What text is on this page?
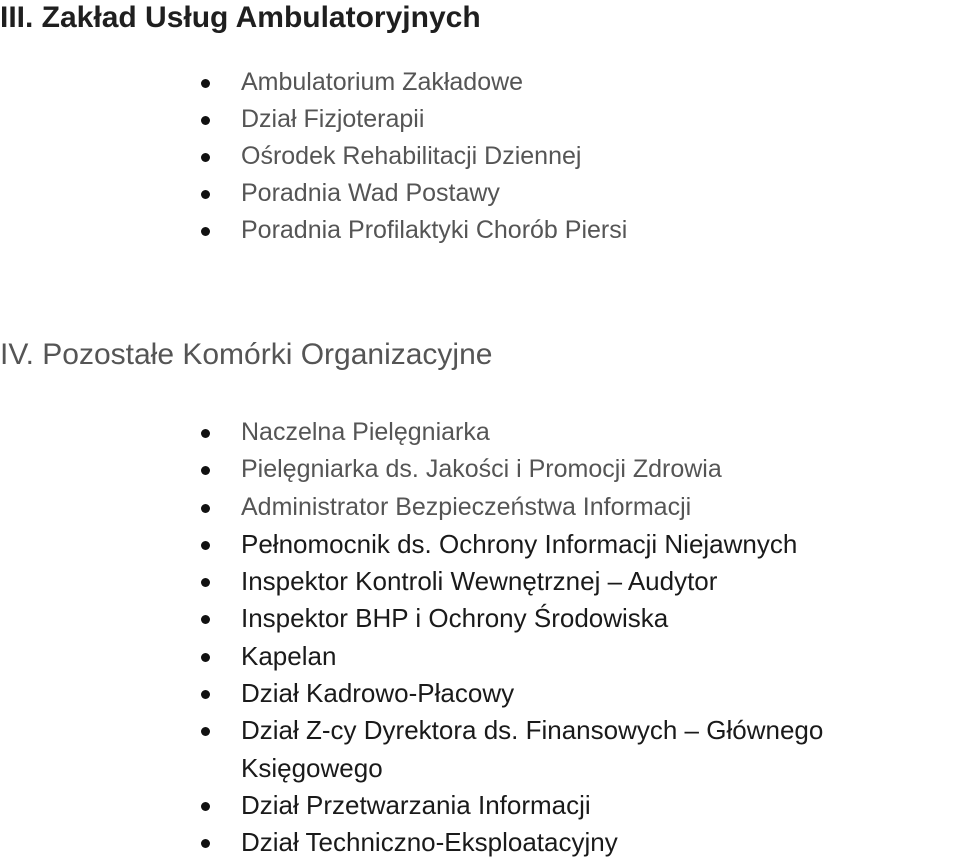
III. Zakład Usług Ambulatoryjnych
Ambulatorium Zakładowe
Dział Fizjoterapii
Ośrodek Rehabilitacji Dziennej
Poradnia Wad Postawy
Poradnia Profilaktyki Chorób Piersi
IV. Pozostałe Komórki Organizacyjne
Naczelna Pielęgniarka
Pielęgniarka ds. Jakości i Promocji Zdrowia
Administrator Bezpieczeństwa Informacji
Pełnomocnik ds. Ochrony Informacji Niejawnych
Inspektor Kontroli Wewnętrznej – Audytor
Inspektor BHP i Ochrony Środowiska
Kapelan
Dział Kadrowo-Płacowy
Dział Z-cy Dyrektora ds. Finansowych – Głównego
Księgowego
Dział Przetwarzania Informacji
Dział Techniczno-Eksploatacyjny
